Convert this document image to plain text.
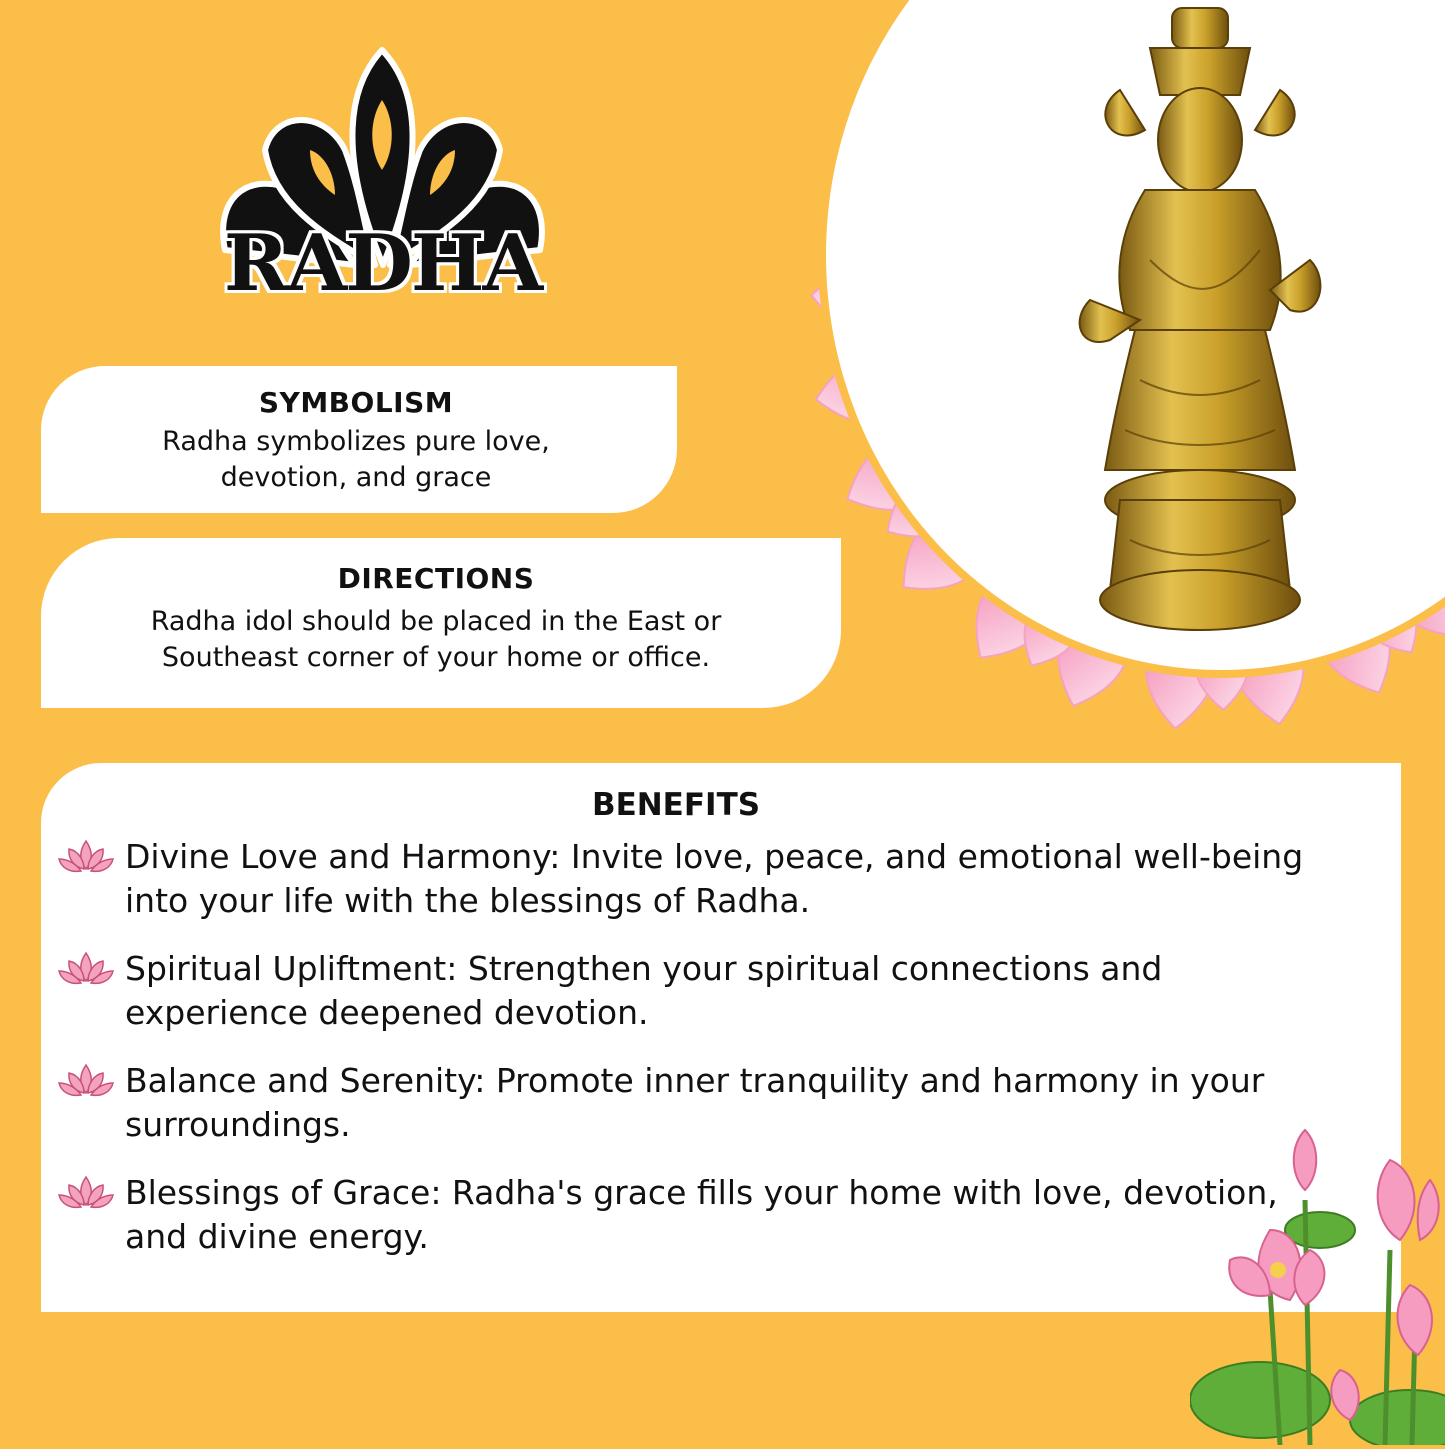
RADHA
SYMBOLISM
Radha symbolizes pure love, devotion, and grace
DIRECTIONS
Radha idol should be placed in the East or Southeast corner of your home or office.
BENEFITS
Divine Love and Harmony: Invite love, peace, and emotional well-being into your life with the blessings of Radha.
Spiritual Upliftment: Strengthen your spiritual connections and experience deepened devotion.
Balance and Serenity: Promote inner tranquility and harmony in your surroundings.
Blessings of Grace: Radha's grace fills your home with love, devotion, and divine energy.
